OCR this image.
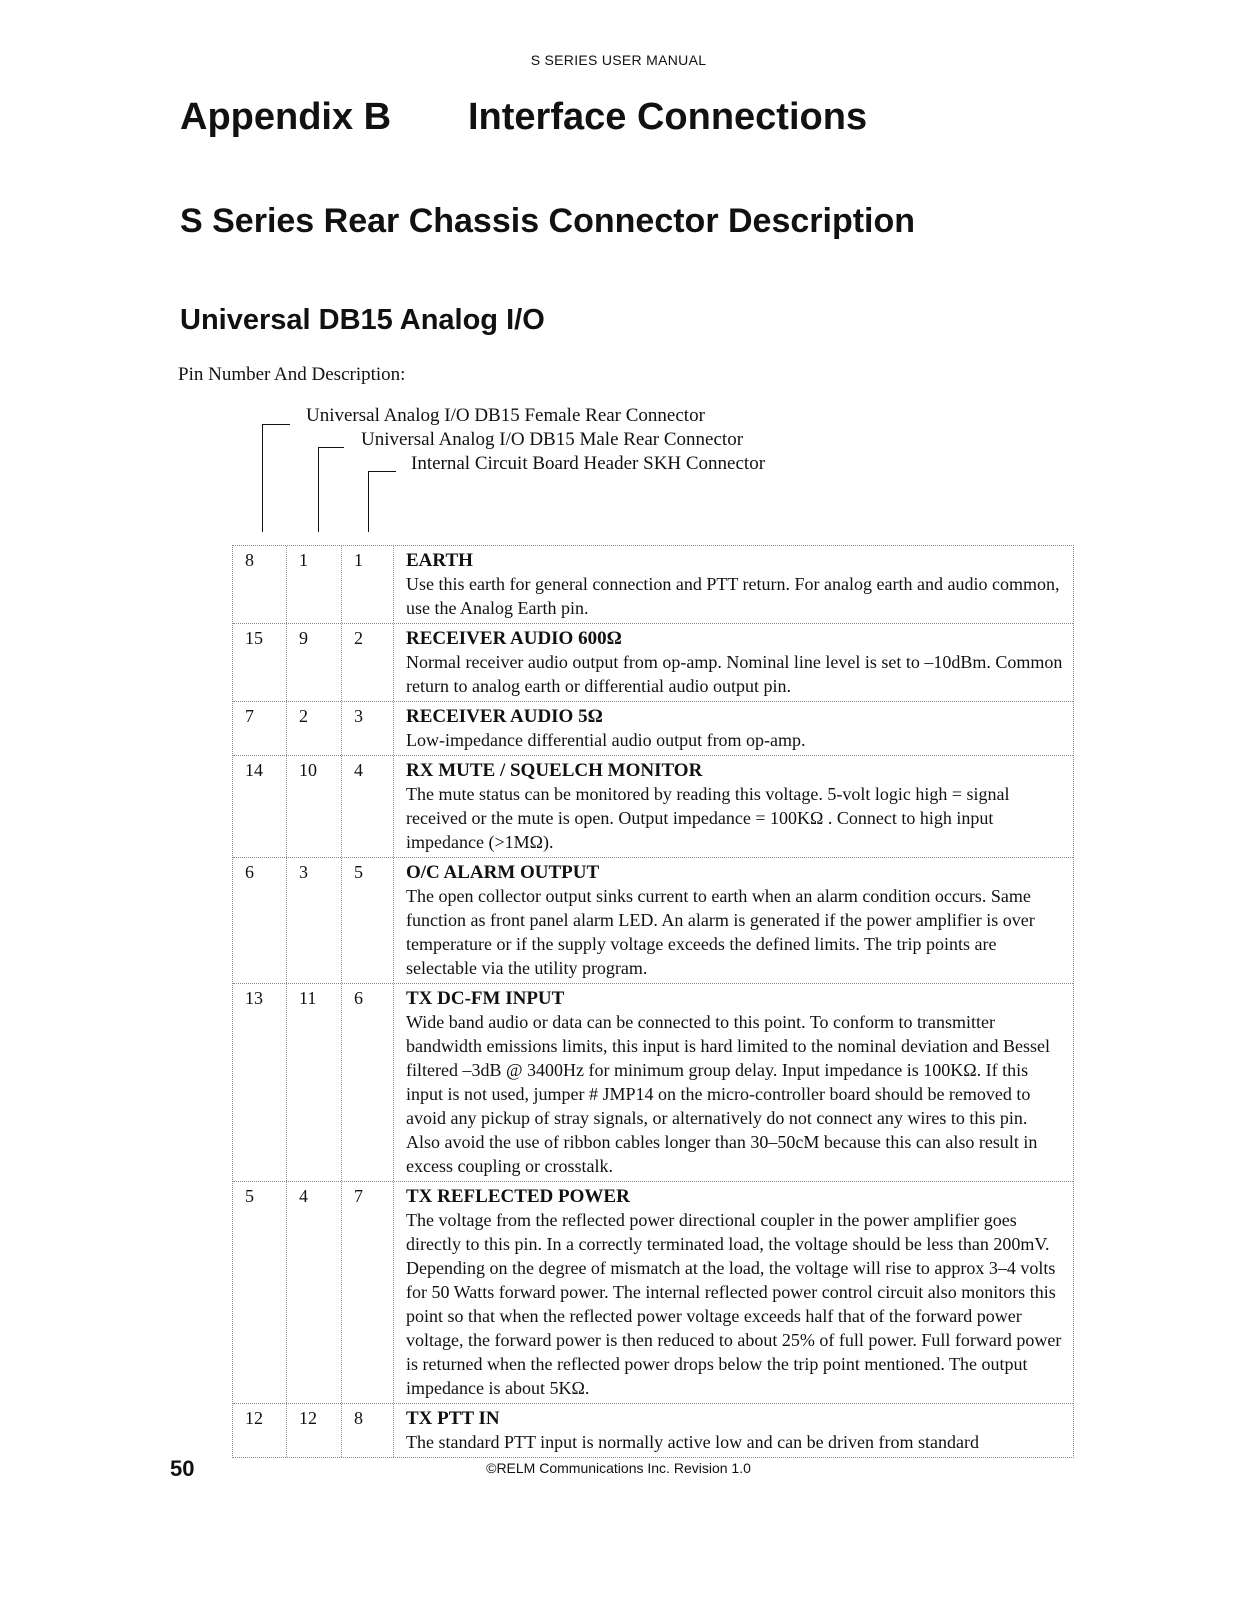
S SERIES USER MANUAL
Appendix B Interface Connections
S Series Rear Chassis Connector Description
Universal DB15 Analog I/O
Pin Number And Description:
Universal Analog I/O DB15 Female Rear Connector
Universal Analog I/O DB15 Male Rear Connector
Internal Circuit Board Header SKH Connector
8	1	1	EARTH
Use this earth for general connection and PTT return. For analog earth and audio common, use the Analog Earth pin.
15	9	2	RECEIVER AUDIO 600Ω
Normal receiver audio output from op-amp. Nominal line level is set to –10dBm. Common return to analog earth or differential audio output pin.
7	2	3	RECEIVER AUDIO 5Ω
Low-impedance differential audio output from op-amp.
14	10	4	RX MUTE / SQUELCH MONITOR
The mute status can be monitored by reading this voltage. 5-volt logic high = signal received or the mute is open. Output impedance = 100KΩ . Connect to high input impedance (>1MΩ).
6	3	5	O/C ALARM OUTPUT
The open collector output sinks current to earth when an alarm condition occurs. Same function as front panel alarm LED. An alarm is generated if the power amplifier is over temperature or if the supply voltage exceeds the defined limits. The trip points are selectable via the utility program.
13	11	6	TX DC-FM INPUT
Wide band audio or data can be connected to this point. To conform to transmitter bandwidth emissions limits, this input is hard limited to the nominal deviation and Bessel filtered –3dB @ 3400Hz for minimum group delay. Input impedance is 100KΩ. If this input is not used, jumper # JMP14 on the micro-controller board should be removed to avoid any pickup of stray signals, or alternatively do not connect any wires to this pin. Also avoid the use of ribbon cables longer than 30–50cM because this can also result in excess coupling or crosstalk.
5	4	7	TX REFLECTED POWER
The voltage from the reflected power directional coupler in the power amplifier goes directly to this pin. In a correctly terminated load, the voltage should be less than 200mV. Depending on the degree of mismatch at the load, the voltage will rise to approx 3–4 volts for 50 Watts forward power. The internal reflected power control circuit also monitors this point so that when the reflected power voltage exceeds half that of the forward power voltage, the forward power is then reduced to about 25% of full power. Full forward power is returned when the reflected power drops below the trip point mentioned. The output impedance is about 5KΩ.
12	12	8	TX PTT IN
The standard PTT input is normally active low and can be driven from standard
50	©RELM Communications Inc. Revision 1.0
